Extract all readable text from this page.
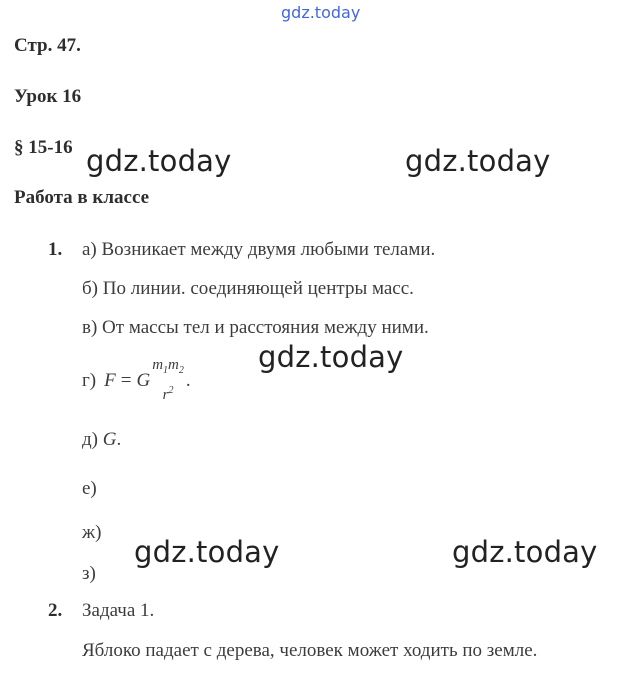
gdz.today
Стр. 47.
Урок 16
§ 15-16
Работа в классе
1. а) Возникает между двумя любыми телами.
б) По линии. соединяющей центры масс.
в) От массы тел и расстояния между ними.
г) F = G
$m_1m_2$
$r^2$ .
д) G.
е)
ж)
з)
2. Задача 1.
Яблоко падает с дерева, человек может ходить по земле.
gdz.today	gdz.today
gdz.today
gdz.today	gdz.today
